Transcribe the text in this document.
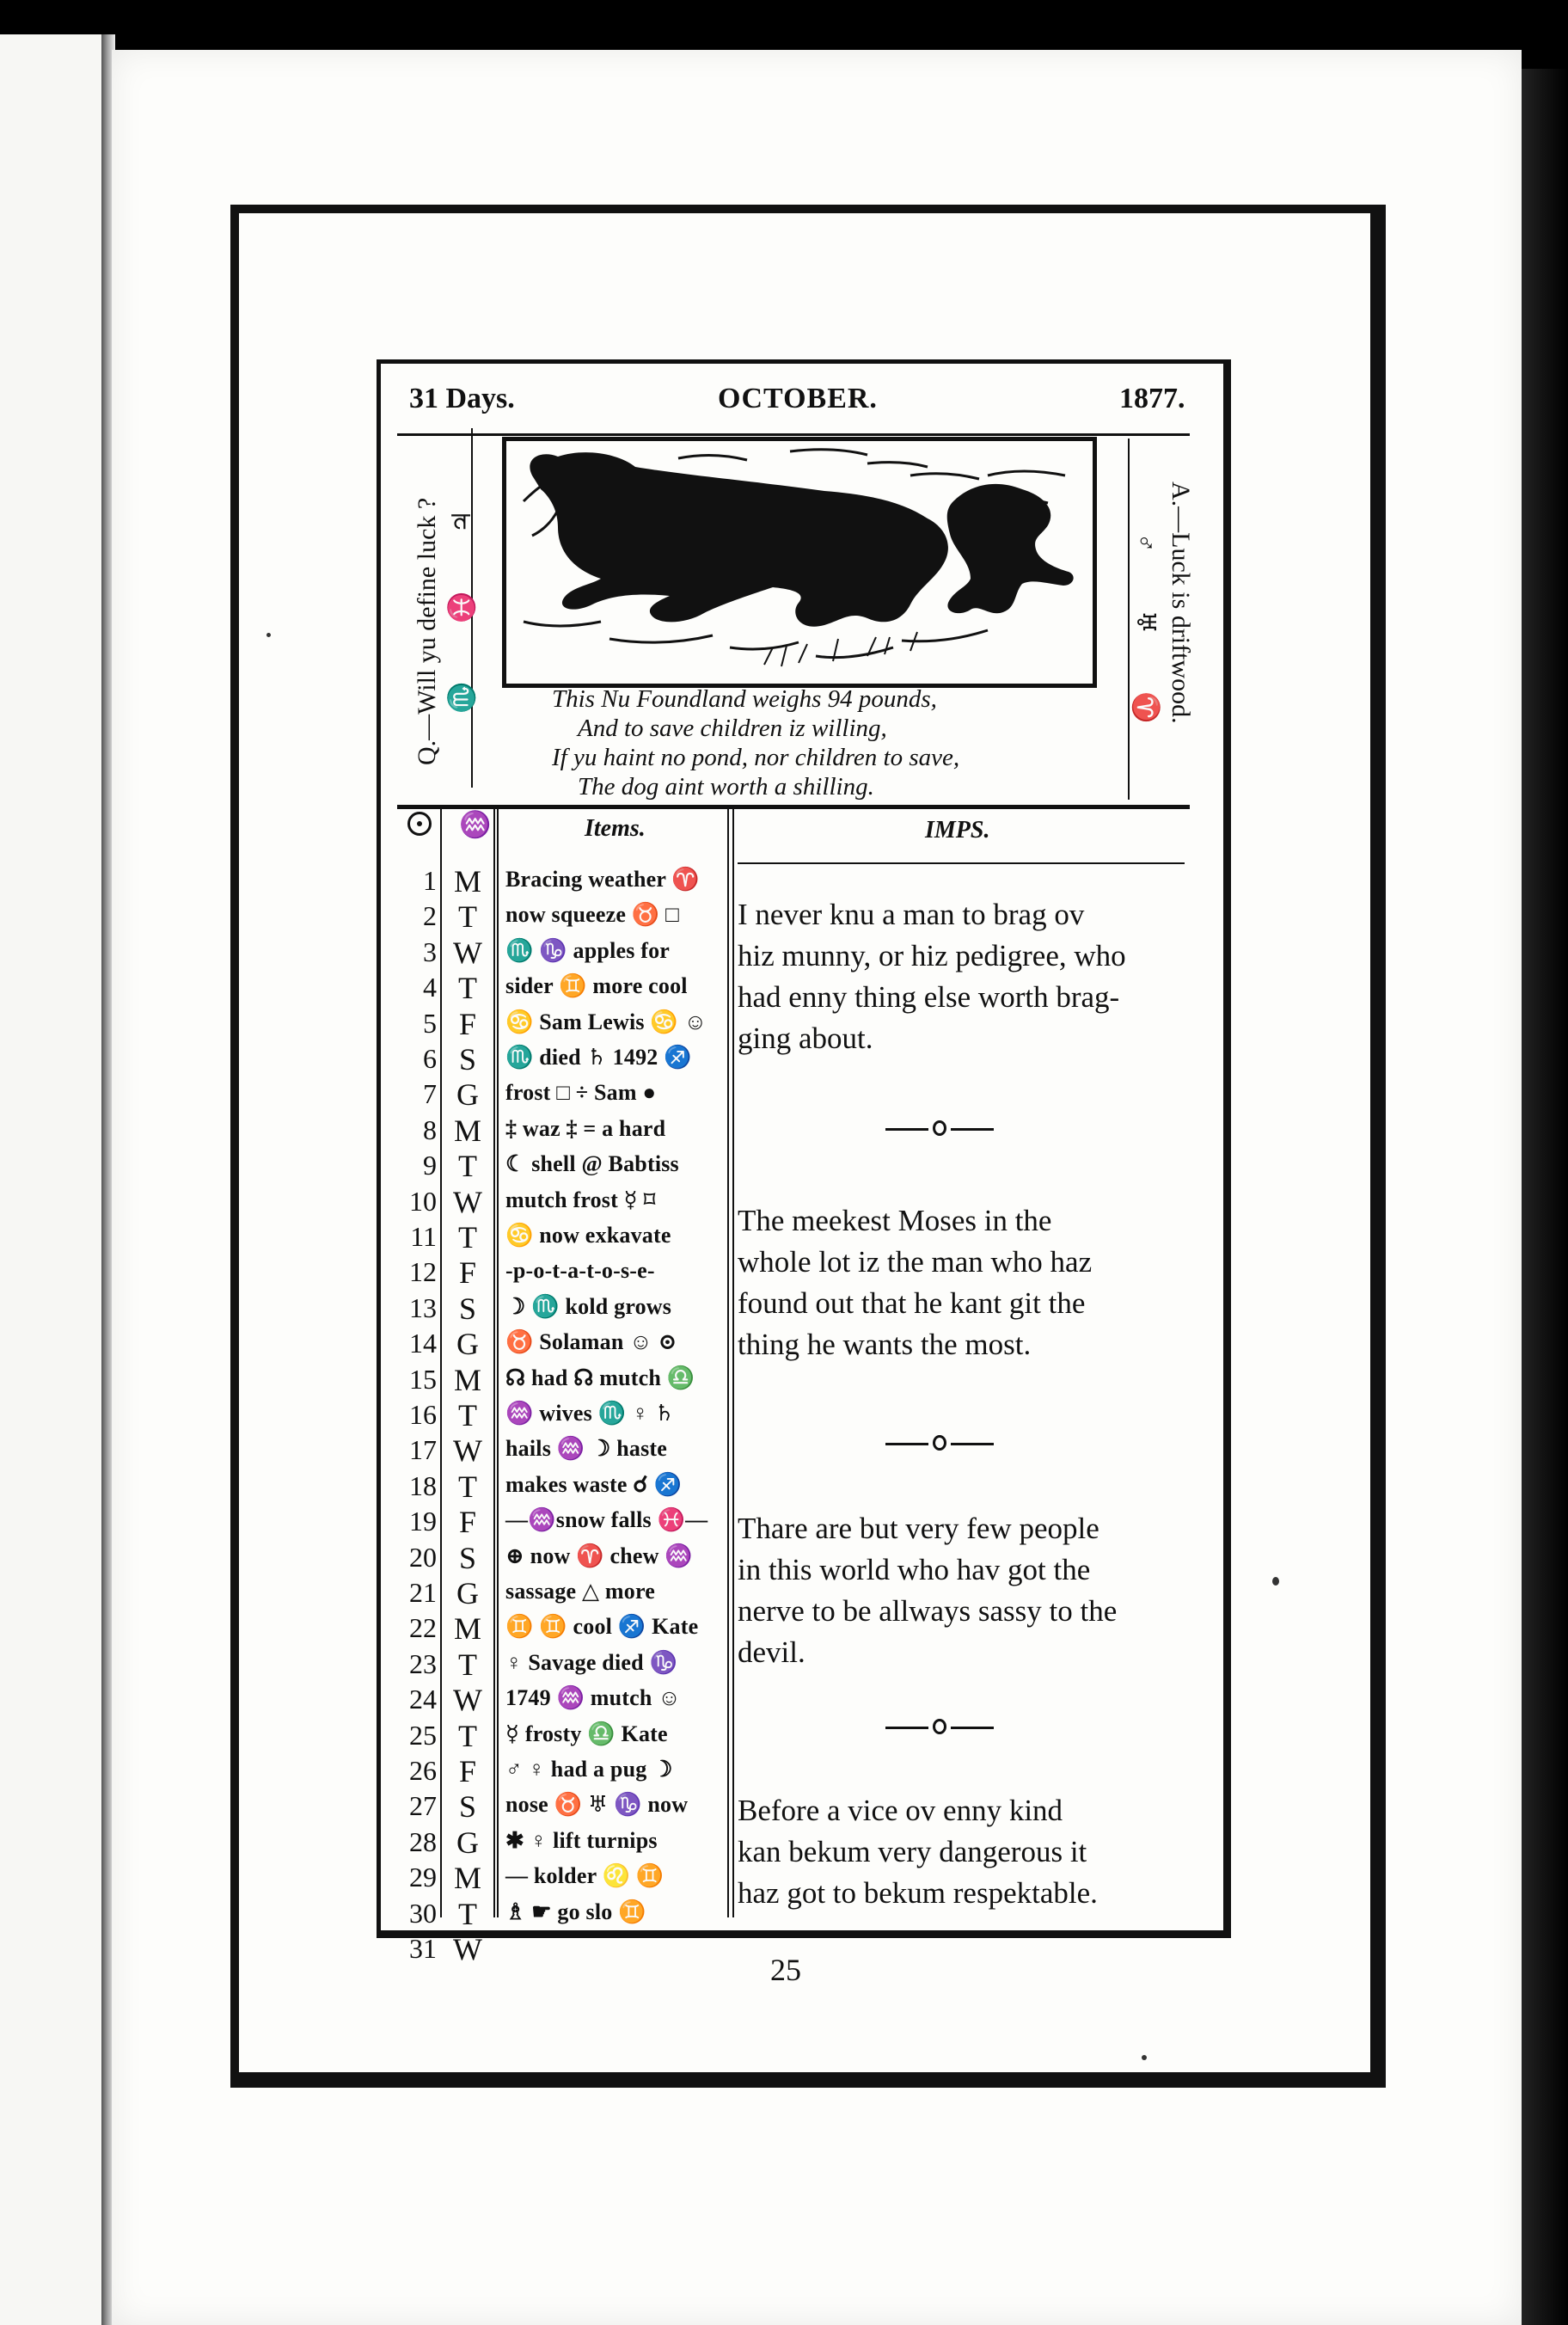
31 Days.	OCTOBER.	1877.
Q.—Will yu define luck ? ♏ ♓ ♃	A.—Luck is driftwood.
♂ ♅ ♈
This Nu Foundland weighs 94 pounds,
And to save children iz willing,
If yu haint no pond, nor children to save,
The dog aint worth a shilling.
♒	Items.	IMPS.
1 M Bracing weather ♈
2 T	now squeeze ♉ □
3 W ♏ ♑ apples for
4 T	sider ♊ more cool
5 F	♋ Sam Lewis ♋ ☺
6 S	♏ died ♄ 1492 ♐
7 G	frost □ ÷ Sam ●
8 M ‡ waz ‡ = a hard
9 T	☾ shell @ Babtiss
10 W mutch frost ☿ ⌑
11 T	♋ now exkavate
12 F	-p-o-t-a-t-o-s-e-
13 S	☽ ♏ kold grows
14 G	♉ Solaman ☺ ⊙
15 M ☊ had ☊ mutch ♎
16 T	♒ wives ♏ ♀ ♄
17 W hails ♒ ☽ haste
18 T	makes waste ☌ ♐
19 F	—♒snow falls ♓—
20 S	⊕ now ♈ chew ♒
21 G	sassage △ more
22 M ♊ ♊ cool ♐ Kate
23 T	♀ Savage died ♑
24 W 1749 ♒ mutch ☺
25 T	☿ frosty ♎ Kate
26 F	♂ ♀ had a pug ☽
27 S	nose ♉ ♅ ♑ now
28 G	✱ ♀ lift turnips
29 M — kolder ♌ ♊
30 T	♗ ☛ go slo ♊
31 W
I never knu a man to brag ov
hiz munny, or hiz pedigree, who
had enny thing else worth brag-
ging about.
The meekest Moses in the
whole lot iz the man who haz
found out that he kant git the
thing he wants the most.
Thare are but very few people
in this world who hav got the
nerve to be allways sassy to the
devil.
Before a vice ov enny kind
kan bekum very dangerous it
haz got to bekum respektable.
25
